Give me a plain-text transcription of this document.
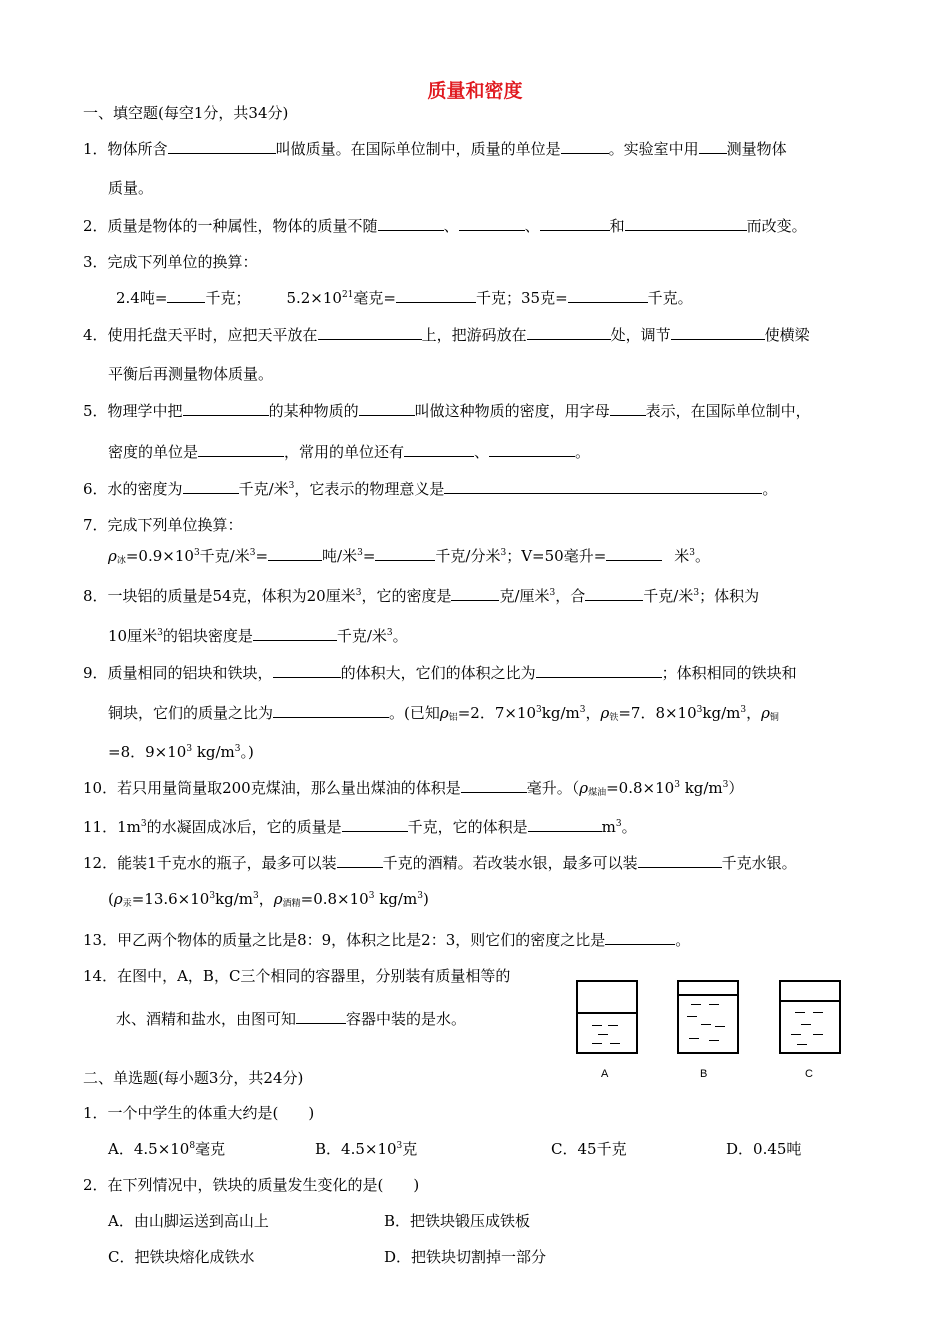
质量和密度
一、填空题(每空1分，共34分)
1．物体所含	叫做质量。在国际单位制中，质量的单位是	。实验室中用 测量物体
质量。
2．质量是物体的一种属性，物体的质量不随	、	、	和	而改变。
3．完成下列单位的换算：
2.4吨=	千克； $5.2\times 10^{21}$毫克=	千克；35克=	千克。
4．使用托盘天平时，应把天平放在	上，把游码放在	处，调节	使横梁
平衡后再测量物体质量。
5．物理学中把	的某种物质的	叫做这种物质的密度，用字母 表示，在国际单位制中，
密度的单位是	，常用的单位还有	、	。
6．水的密度为	千克/米$^3$，它表示的物理意义是	。
7．完成下列单位换算：
$\rho_冰=0.9\times 10^3$千克/米$^3$=	吨/米$^3$=	千克/分米$^3$；V=50毫升=	米$^3$。
8．一块铝的质量是54克，体积为20厘米$^3$，它的密度是	克/厘米$^3$，合	千克/米$^3$；体积为
10厘米$^3$的铝块密度是	千克/米$^3$。
9．质量相同的铝块和铁块，	的体积大，它们的体积之比为	；体积相同的铁块和
铜块，它们的质量之比为	。(已知$\rho_铝=2$．$7\times 10^3kg/m^3$，$\rho_铁=7$．$8\times 10^3kg/m^3$，$\rho_铜$
=8．$9\times 10^3$ $kg/m^3$。)
10．若只用量筒量取200克煤油，那么量出煤油的体积是	毫升。（$\rho_{煤油}=0.8\times 10^3$ $kg/m^3$）
11．$1m^3$的水凝固成冰后，它的质量是	千克，它的体积是	$m^3$。
12．能装1千克水的瓶子，最多可以装	千克的酒精。若改装水银，最多可以装	千克水银。
($\rho_汞=13.6\times 10^3kg/m^3$，$\rho_{酒精}=0.8\times 10^3$ $kg/m^3$)
13．甲乙两个物体的质量之比是8：9，体积之比是2：3，则它们的密度之比是	。
14．在图中，A，B，C三个相同的容器里，分别装有质量相等的
水、酒精和盐水，由图可知	容器中装的是水。
A	B	C
二、单选题(每小题3分，共24分)
1．一个中学生的体重大约是(　　)
A．$4.5\times 10^8$毫克	B．$4.5\times 10^3$克	C．45千克	D．0.45吨
2．在下列情况中，铁块的质量发生变化的是(　　)
A．由山脚运送到高山上	B．把铁块锻压成铁板
C．把铁块熔化成铁水	D．把铁块切割掉一部分
